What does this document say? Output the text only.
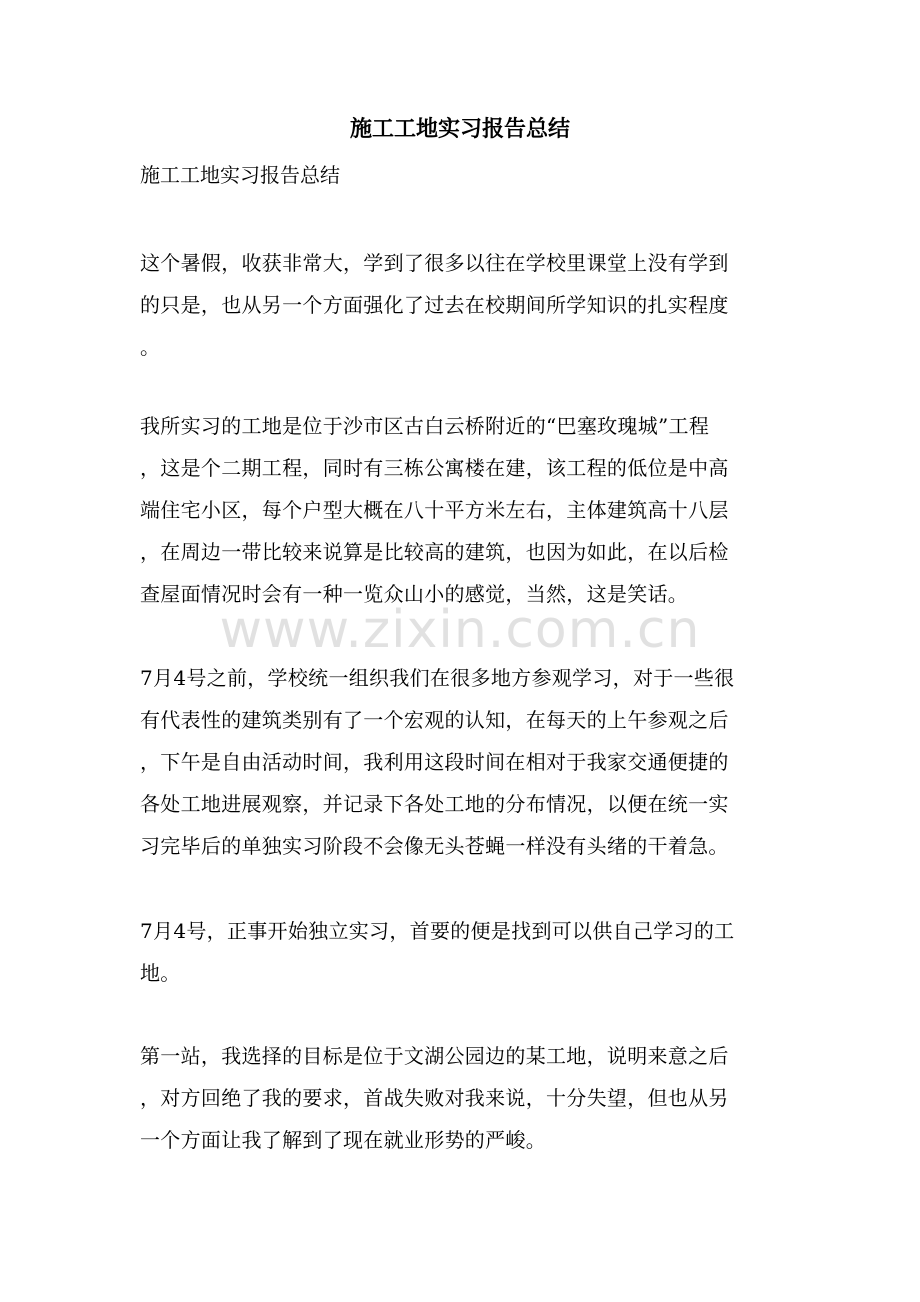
施工工地实习报告总结

施工工地实习报告总结

这个暑假，收获非常大，学到了很多以往在学校里课堂上没有学到
的只是，也从另一个方面强化了过去在校期间所学知识的扎实程度
。

我所实习的工地是位于沙市区古白云桥附近的“巴塞玫瑰城”工程
，这是个二期工程，同时有三栋公寓楼在建，该工程的低位是中高
端住宅小区，每个户型大概在八十平方米左右，主体建筑高十八层
，在周边一带比较来说算是比较高的建筑，也因为如此，在以后检
查屋面情况时会有一种一览众山小的感觉，当然，这是笑话。

7月4号之前，学校统一组织我们在很多地方参观学习，对于一些很
有代表性的建筑类别有了一个宏观的认知，在每天的上午参观之后
，下午是自由活动时间，我利用这段时间在相对于我家交通便捷的
各处工地进展观察，并记录下各处工地的分布情况，以便在统一实
习完毕后的单独实习阶段不会像无头苍蝇一样没有头绪的干着急。

7月4号，正事开始独立实习，首要的便是找到可以供自己学习的工
地。

第一站，我选择的目标是位于文湖公园边的某工地，说明来意之后
，对方回绝了我的要求，首战失败对我来说，十分失望，但也从另
一个方面让我了解到了现在就业形势的严峻。

www.zixin.com.cn
